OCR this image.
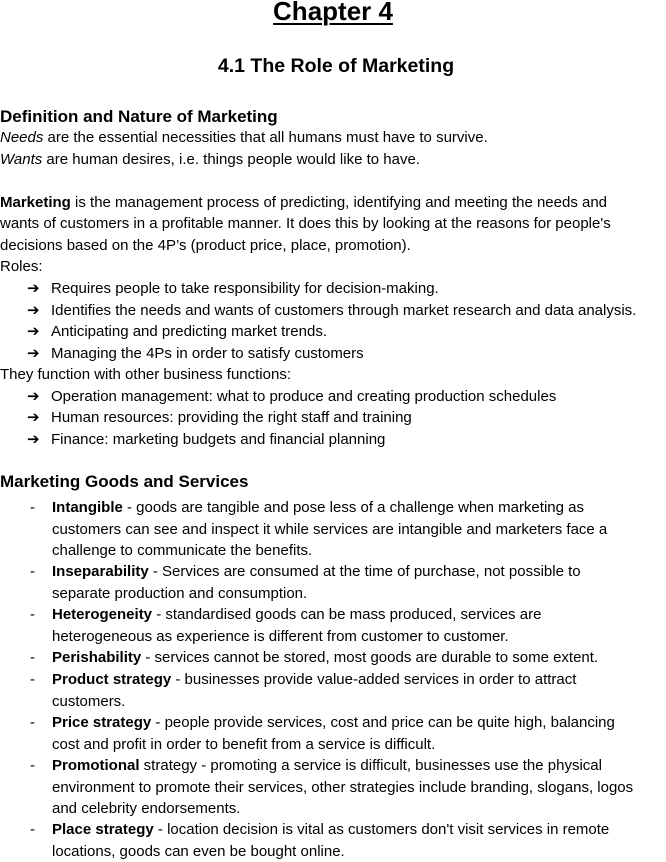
Chapter 4
4.1 The Role of Marketing
Definition and Nature of Marketing

Needs are the essential necessities that all humans must have to survive.

Wants are human desires, i.e. things people would like to have.

Marketing is the management process of predicting, identifying and meeting the needs and

wants of customers in a profitable manner. It does this by looking at the reasons for people's

decisions based on the 4P’s (product price, place, promotion).

Roles:

➔ Requires people to take responsibility for decision-making.
➔ Identifies the needs and wants of customers through market research and data analysis.
➔ Anticipating and predicting market trends.
➔ Managing the 4Ps in order to satisfy customers

They function with other business functions:

➔ Operation management: what to produce and creating production schedules
➔ Human resources: providing the right staff and training
➔ Finance: marketing budgets and financial planning
Marketing Goods and Services
- Intangible - goods are tangible and pose less of a challenge when marketing as
customers can see and inspect it while services are intangible and marketers face a
challenge to communicate the benefits.
- Inseparability - Services are consumed at the time of purchase, not possible to
separate production and consumption.
- Heterogeneity - standardised goods can be mass produced, services are
heterogeneous as experience is different from customer to customer.
- Perishability - services cannot be stored, most goods are durable to some extent.
- Product strategy - businesses provide value-added services in order to attract
customers.
- Price strategy - people provide services, cost and price can be quite high, balancing
cost and profit in order to benefit from a service is difficult.
- Promotional strategy - promoting a service is difficult, businesses use the physical
environment to promote their services, other strategies include branding, slogans, logos
and celebrity endorsements.
- Place strategy - location decision is vital as customers don't visit services in remote
locations, goods can even be bought online.
